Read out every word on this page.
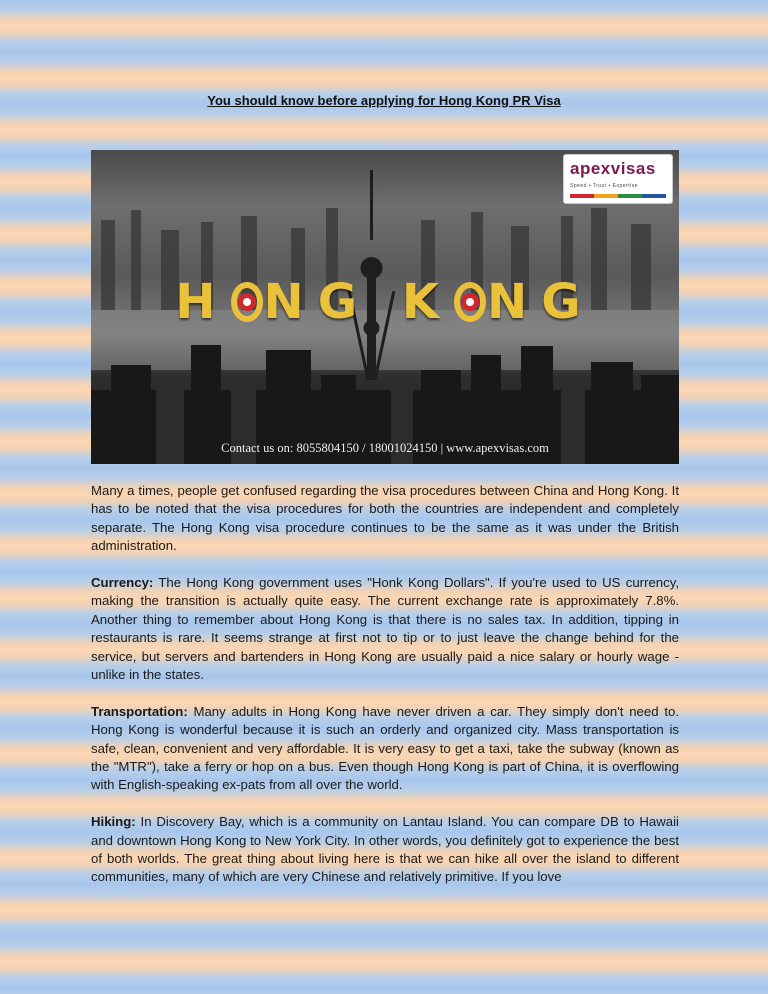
You should know before applying for Hong Kong PR Visa
H NG K NG
Contact us on: 8055804150 / 18001024150 | www.apexvisas.com
apexvisas
Speed • Trust • Expertise

Many a times, people get confused regarding the visa procedures between China and Hong Kong. It has to be noted that the visa procedures for both the countries are independent and completely separate. The Hong Kong visa procedure continues to be the same as it was under the British administration.

Currency: The Hong Kong government uses "Honk Kong Dollars". If you're used to US currency, making the transition is actually quite easy. The current exchange rate is approximately 7.8%. Another thing to remember about Hong Kong is that there is no sales tax. In addition, tipping in restaurants is rare. It seems strange at first not to tip or to just leave the change behind for the service, but servers and bartenders in Hong Kong are usually paid a nice salary or hourly wage - unlike in the states.

Transportation: Many adults in Hong Kong have never driven a car. They simply don't need to. Hong Kong is wonderful because it is such an orderly and organized city. Mass transportation is safe, clean, convenient and very affordable. It is very easy to get a taxi, take the subway (known as the "MTR"), take a ferry or hop on a bus. Even though Hong Kong is part of China, it is overflowing with English-speaking ex-pats from all over the world.

Hiking: In Discovery Bay, which is a community on Lantau Island. You can compare DB to Hawaii and downtown Hong Kong to New York City. In other words, you definitely got to experience the best of both worlds. The great thing about living here is that we can hike all over the island to different communities, many of which are very Chinese and relatively primitive. If you love
